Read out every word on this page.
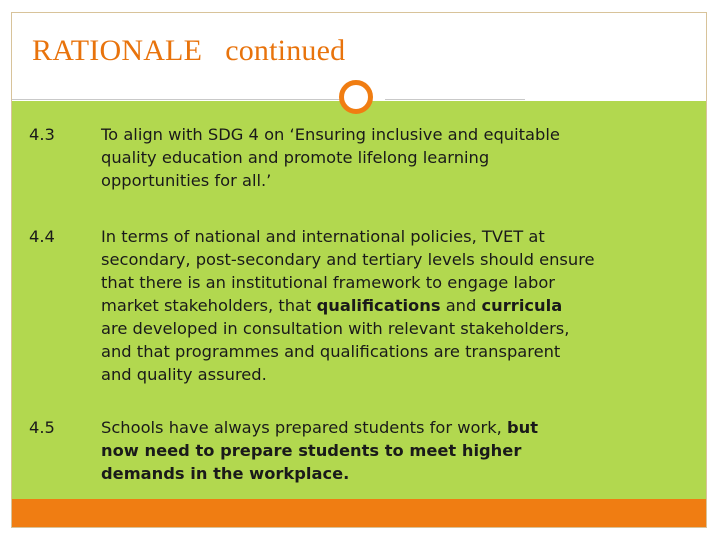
RATIONALE   continued
4.3	To align with SDG 4 on ‘Ensuring inclusive and equitable
quality education and promote lifelong learning
opportunities for all.’
4.4	In terms of national and international policies, TVET at
secondary, post-secondary and tertiary levels should ensure
that there is an institutional framework to engage labor
market stakeholders, that qualifications and curricula
are developed in consultation with relevant stakeholders,
and that programmes and qualifications are transparent
and quality assured.
4.5	Schools have always prepared students for work, but
now need to prepare students to meet higher
demands in the workplace.
